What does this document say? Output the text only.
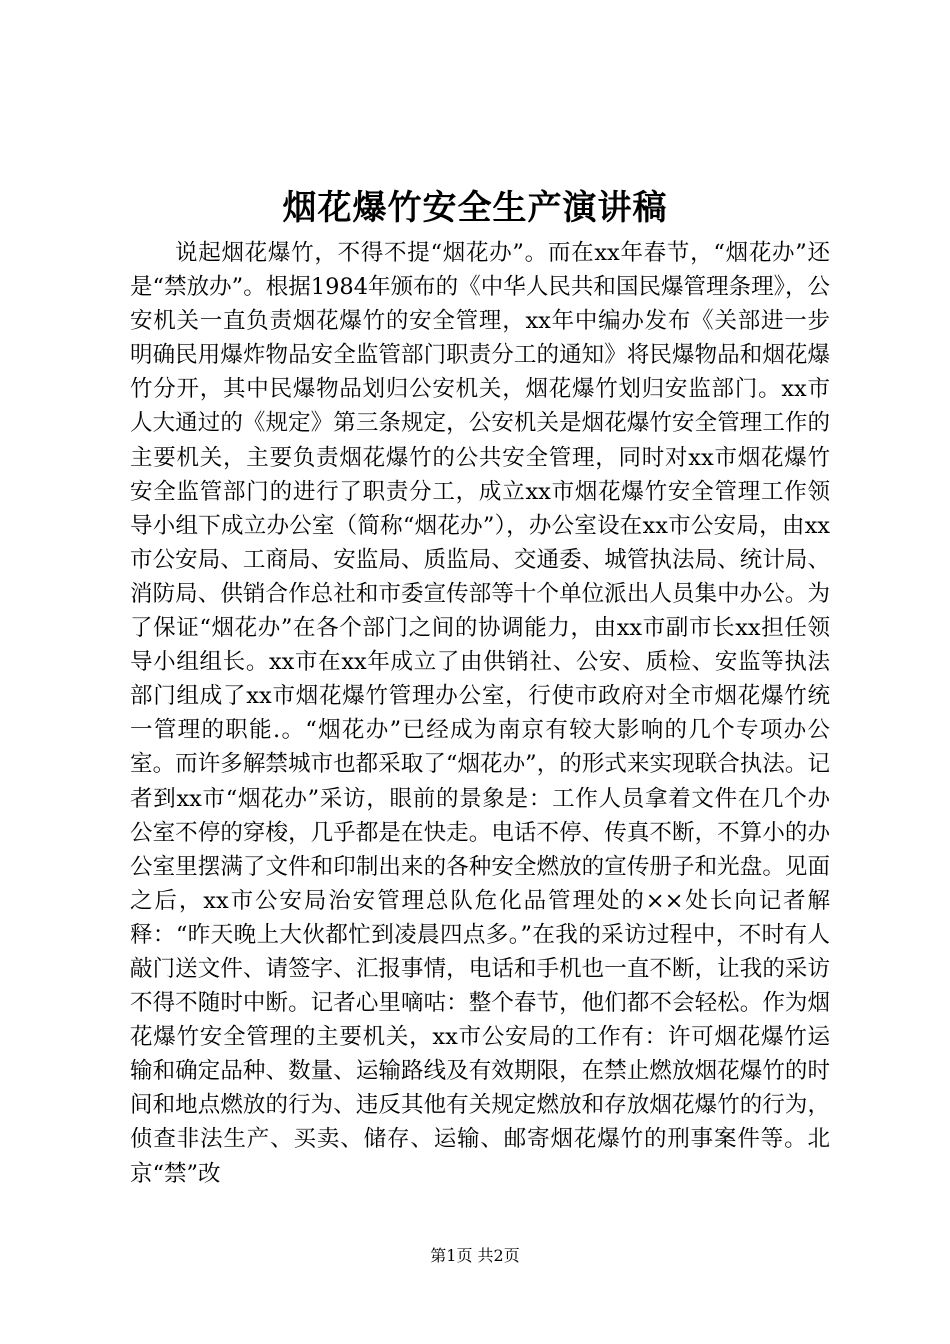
烟花爆竹安全生产演讲稿

说起烟花爆竹，不得不提“烟花办”。而在xx年春节，“烟花办”还是“禁放办”。根据1984年颁布的《中华人民共和国民爆管理条理》，公安机关一直负责烟花爆竹的安全管理，xx年中编办发布《关部进一步明确民用爆炸物品安全监管部门职责分工的通知》将民爆物品和烟花爆竹分开，其中民爆物品划归公安机关，烟花爆竹划归安监部门。xx市人大通过的《规定》第三条规定，公安机关是烟花爆竹安全管理工作的主要机关，主要负责烟花爆竹的公共安全管理，同时对xx市烟花爆竹安全监管部门的进行了职责分工，成立xx市烟花爆竹安全管理工作领导小组下成立办公室（简称“烟花办”），办公室设在xx市公安局，由xx市公安局、工商局、安监局、质监局、交通委、城管执法局、统计局、消防局、供销合作总社和市委宣传部等十个单位派出人员集中办公。为了保证“烟花办”在各个部门之间的协调能力，由xx市副市长xx担任领导小组组长。xx市在xx年成立了由供销社、公安、质检、安监等执法部门组成了xx市烟花爆竹管理办公室，行使市政府对全市烟花爆竹统一管理的职能.。“烟花办”已经成为南京有较大影响的几个专项办公室。而许多解禁城市也都采取了“烟花办”，的形式来实现联合执法。记者到xx市“烟花办”采访，眼前的景象是：工作人员拿着文件在几个办公室不停的穿梭，几乎都是在快走。电话不停、传真不断，不算小的办公室里摆满了文件和印制出来的各种安全燃放的宣传册子和光盘。见面之后，xx市公安局治安管理总队危化品管理处的××处长向记者解释：“昨天晚上大伙都忙到凌晨四点多。”在我的采访过程中，不时有人敲门送文件、请签字、汇报事情，电话和手机也一直不断，让我的采访不得不随时中断。记者心里嘀咕：整个春节，他们都不会轻松。作为烟花爆竹安全管理的主要机关，xx市公安局的工作有：许可烟花爆竹运输和确定品种、数量、运输路线及有效期限，在禁止燃放烟花爆竹的时间和地点燃放的行为、违反其他有关规定燃放和存放烟花爆竹的行为，侦查非法生产、买卖、储存、运输、邮寄烟花爆竹的刑事案件等。北京“禁”改

第1页 共2页
